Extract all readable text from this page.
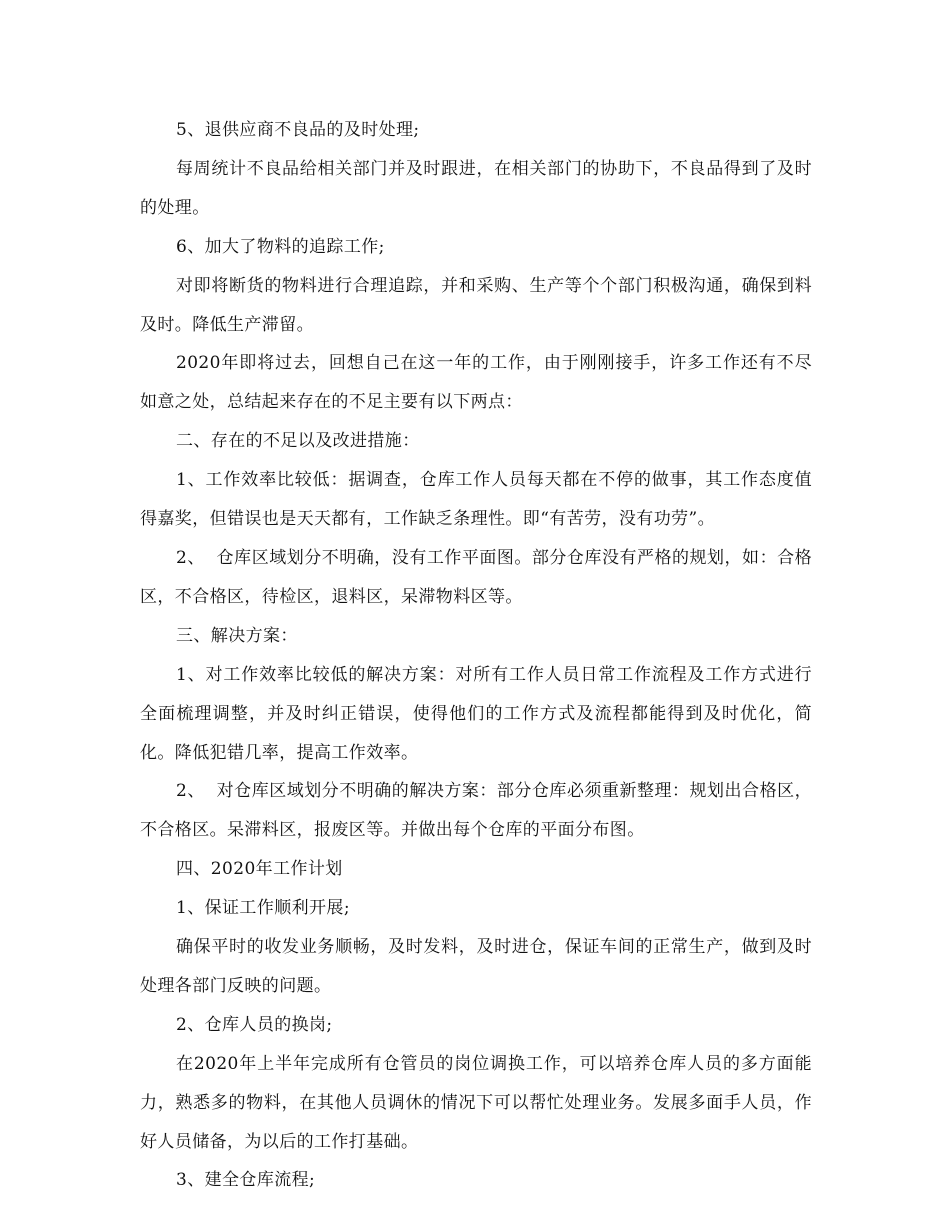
5、退供应商不良品的及时处理;

每周统计不良品给相关部门并及时跟进，在相关部门的协助下，不良品得到了及时的处理。

6、加大了物料的追踪工作;

对即将断货的物料进行合理追踪，并和采购、生产等个个部门积极沟通，确保到料及时。降低生产滞留。

2020年即将过去，回想自己在这一年的工作，由于刚刚接手，许多工作还有不尽如意之处，总结起来存在的不足主要有以下两点：

二、存在的不足以及改进措施：

1、工作效率比较低：据调查，仓库工作人员每天都在不停的做事，其工作态度值得嘉奖，但错误也是天天都有，工作缺乏条理性。即“有苦劳，没有功劳”。

2、  仓库区域划分不明确，没有工作平面图。部分仓库没有严格的规划，如：合格区，不合格区，待检区，退料区，呆滞物料区等。

三、解决方案：

1、对工作效率比较低的解决方案：对所有工作人员日常工作流程及工作方式进行全面梳理调整，并及时纠正错误，使得他们的工作方式及流程都能得到及时优化，简化。降低犯错几率，提高工作效率。

2、  对仓库区域划分不明确的解决方案：部分仓库必须重新整理：规划出合格区，不合格区。呆滞料区，报废区等。并做出每个仓库的平面分布图。

四、2020年工作计划

1、保证工作顺利开展;

确保平时的收发业务顺畅，及时发料，及时进仓，保证车间的正常生产，做到及时处理各部门反映的问题。

2、仓库人员的换岗;

在2020年上半年完成所有仓管员的岗位调换工作，可以培养仓库人员的多方面能力，熟悉多的物料，在其他人员调休的情况下可以帮忙处理业务。发展多面手人员，作好人员储备，为以后的工作打基础。

3、建全仓库流程;
